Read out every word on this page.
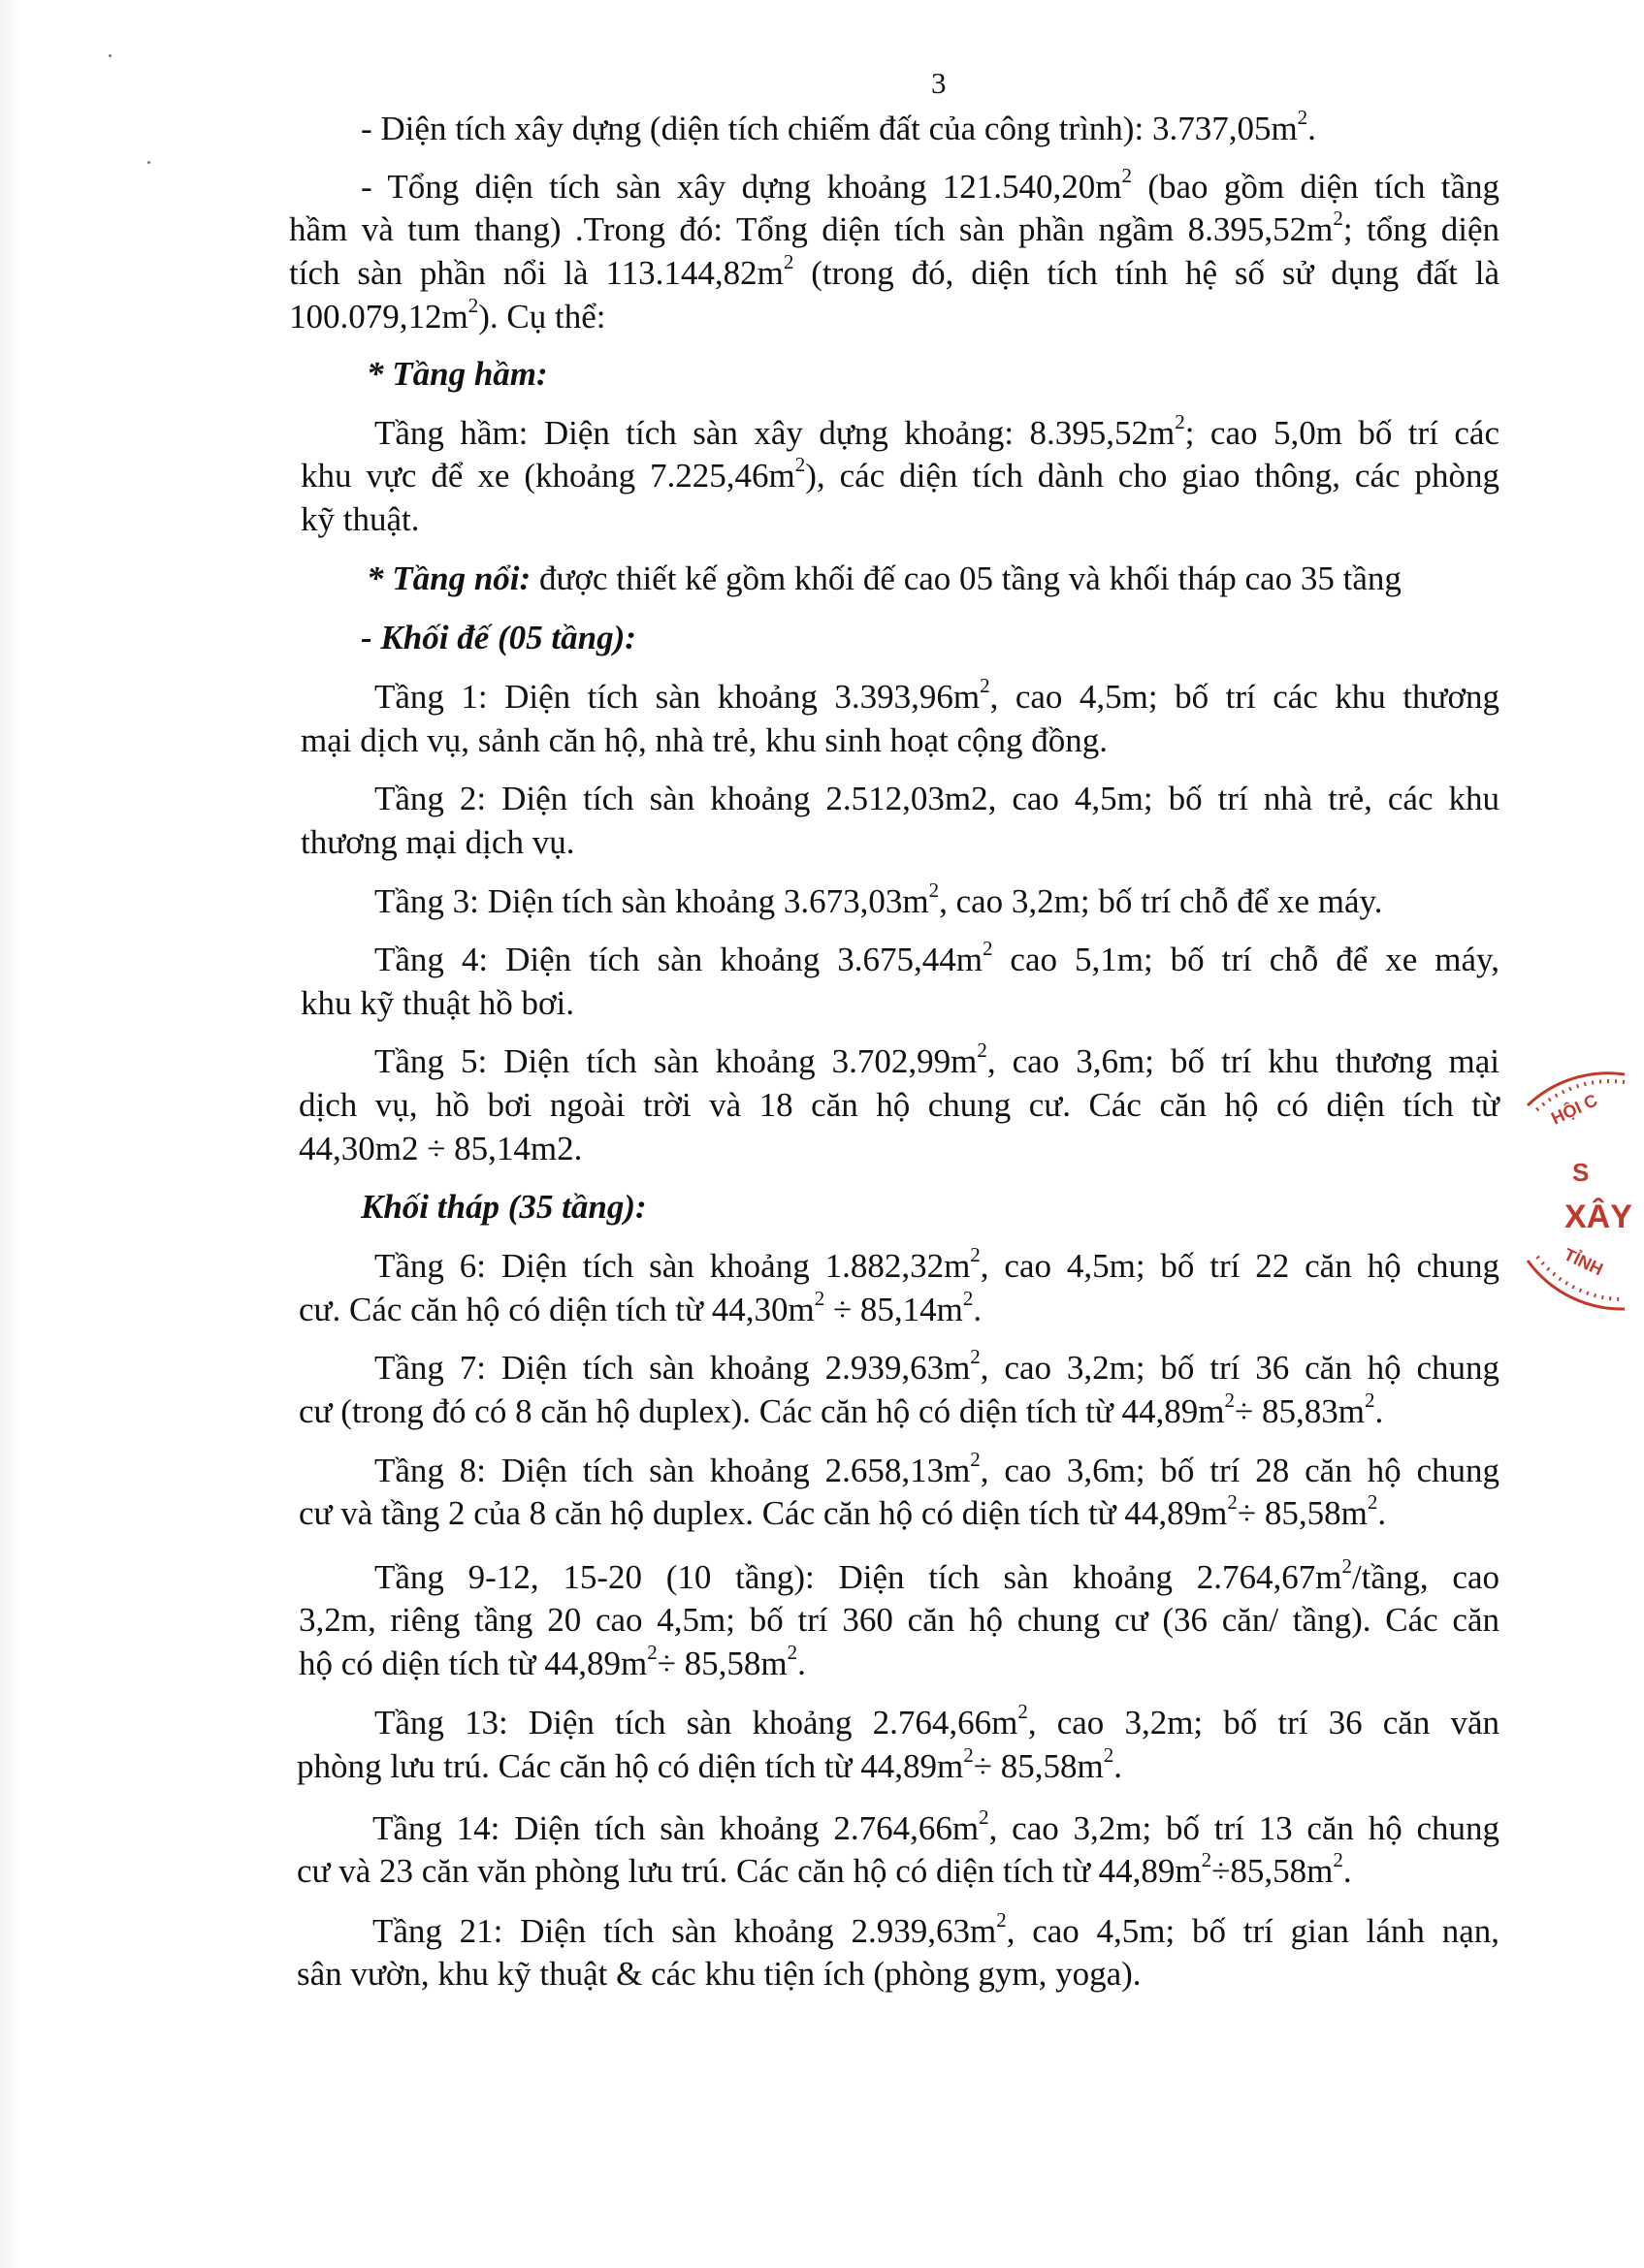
3
- Diện tích xây dựng (diện tích chiếm đất của công trình): $3.737,05m^2$.
- Tổng diện tích sàn xây dựng khoảng $121.540,20m^2$ (bao gồm diện tích tầng
hầm và tum thang) .Trong đó: Tổng diện tích sàn phần ngầm $8.395,52m^2$; tổng diện
tích sàn phần nổi là $113.144,82m^2$ (trong đó, diện tích tính hệ số sử dụng đất là
$100.079,12m^2$). Cụ thể:
* Tầng hầm:
Tầng hầm: Diện tích sàn xây dựng khoảng: $8.395,52m^2$; cao 5,0m bố trí các
khu vực để xe (khoảng $7.225,46m^2$), các diện tích dành cho giao thông, các phòng
kỹ thuật.
* Tầng nổi: được thiết kế gồm khối đế cao 05 tầng và khối tháp cao 35 tầng
- Khối đế (05 tầng):
Tầng 1: Diện tích sàn khoảng $3.393,96m^2$, cao 4,5m; bố trí các khu thương
mại dịch vụ, sảnh căn hộ, nhà trẻ, khu sinh hoạt cộng đồng.
Tầng 2: Diện tích sàn khoảng 2.512,03m2, cao 4,5m; bố trí nhà trẻ, các khu
thương mại dịch vụ.
Tầng 3: Diện tích sàn khoảng $3.673,03m^2$, cao 3,2m; bố trí chỗ để xe máy.
Tầng 4: Diện tích sàn khoảng $3.675,44m^2$ cao 5,1m; bố trí chỗ để xe máy,
khu kỹ thuật hồ bơi.
Tầng 5: Diện tích sàn khoảng $3.702,99m^2$, cao 3,6m; bố trí khu thương mại
dịch vụ, hồ bơi ngoài trời và 18 căn hộ chung cư. Các căn hộ có diện tích từ
44,30m2 ÷ 85,14m2.
Khối tháp (35 tầng):
Tầng 6: Diện tích sàn khoảng $1.882,32m^2$, cao 4,5m; bố trí 22 căn hộ chung
cư. Các căn hộ có diện tích từ $44,30m^2 \div 85,14m^2$.
Tầng 7: Diện tích sàn khoảng $2.939,63m^2$, cao 3,2m; bố trí 36 căn hộ chung
cư (trong đó có 8 căn hộ duplex). Các căn hộ có diện tích từ $44,89m^2\div 85,83m^2$.
Tầng 8: Diện tích sàn khoảng $2.658,13m^2$, cao 3,6m; bố trí 28 căn hộ chung
cư và tầng 2 của 8 căn hộ duplex. Các căn hộ có diện tích từ $44,89m^2\div 85,58m^2$.
Tầng 9-12, 15-20 (10 tầng): Diện tích sàn khoảng $2.764,67m^2$/tầng, cao
3,2m, riêng tầng 20 cao 4,5m; bố trí 360 căn hộ chung cư (36 căn/ tầng). Các căn
hộ có diện tích từ $44,89m^2\div 85,58m^2$.
Tầng 13: Diện tích sàn khoảng $2.764,66m^2$, cao 3,2m; bố trí 36 căn văn
phòng lưu trú. Các căn hộ có diện tích từ $44,89m^2\div 85,58m^2$.
Tầng 14: Diện tích sàn khoảng $2.764,66m^2$, cao 3,2m; bố trí 13 căn hộ chung
cư và 23 căn văn phòng lưu trú. Các căn hộ có diện tích từ $44,89m^2\div 85,58m^2$.
Tầng 21: Diện tích sàn khoảng $2.939,63m^2$, cao 4,5m; bố trí gian lánh nạn,
sân vườn, khu kỹ thuật & các khu tiện ích (phòng gym, yoga).
HỘI C
S
XÂY
TỈNH
